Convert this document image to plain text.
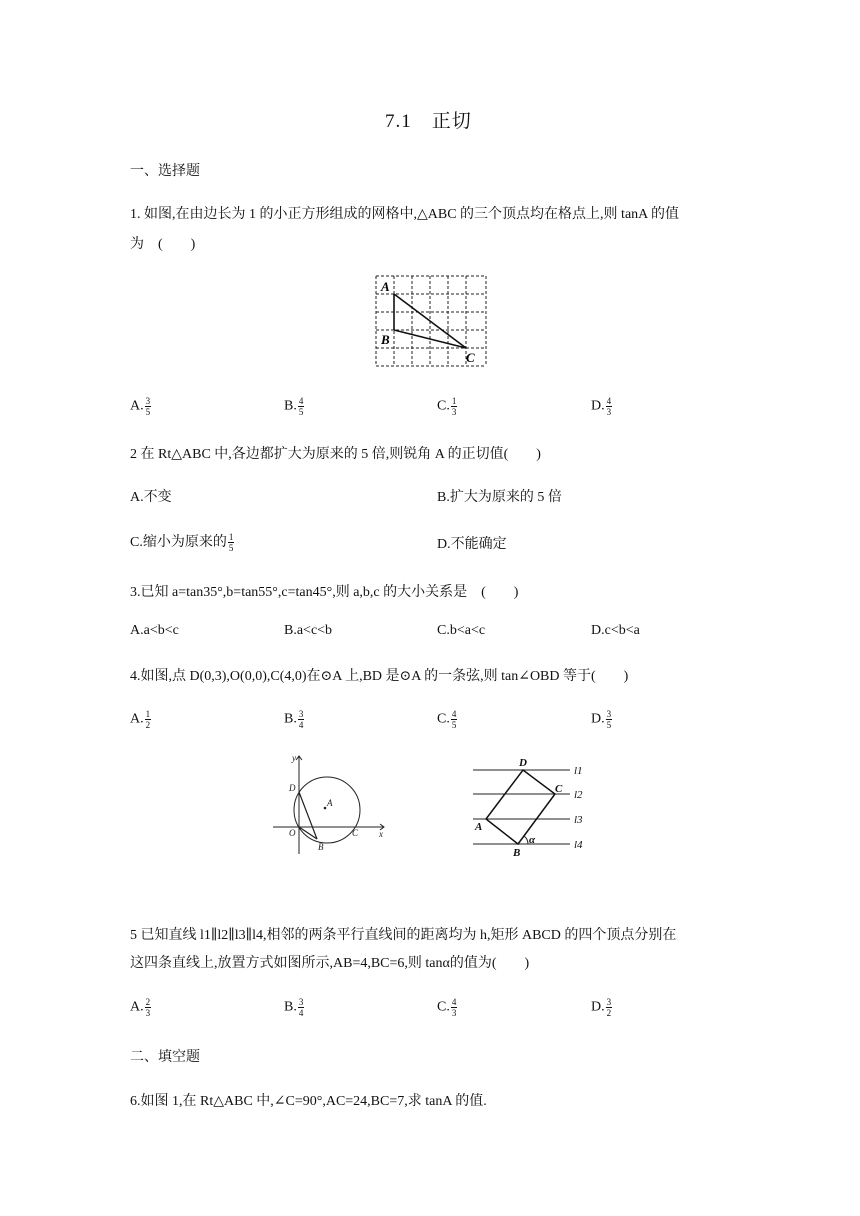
7.1　正切
一、选择题
1. 如图,在由边长为 1 的小正方形组成的网格中,△ABC 的三个顶点均在格点上,则 tanA 的值
为　(　　)
A
B
C
A. $\frac{3}{5}$	B. $\frac{4}{5}$	C. $\frac{1}{3}$	D. $\frac{4}{3}$
2 在 Rt△ABC 中,各边都扩大为原来的 5 倍,则锐角 A 的正切值(　　)
A.不变	B.扩大为原来的 5 倍
C.缩小为原来的 $\frac{1}{5}$	D.不能确定
3.已知 a=tan35°,b=tan55°,c=tan45°,则 a,b,c 的大小关系是　(　　)
A.a<b<c	B.a<c<b	C.b<a<c	D.c<b<a
4.如图,点 D(0,3),O(0,0),C(4,0)在⊙A 上,BD 是⊙A 的一条弦,则 tan∠OBD 等于(　　)
A. $\frac{1}{2}$	B. $\frac{3}{4}$	C. $\frac{4}{5}$	D. $\frac{3}{5}$
y
x
D
A
O
B
C
D
C
A
B
α
l1
l2
l3
l4
5 已知直线 l1∥l2∥l3∥l4,相邻的两条平行直线间的距离均为 h,矩形 ABCD 的四个顶点分别在
这四条直线上,放置方式如图所示,AB=4,BC=6,则 tanα的值为(　　)
A. $\frac{2}{3}$	B. $\frac{3}{4}$	C. $\frac{4}{3}$	D. $\frac{3}{2}$
二、填空题
6.如图 1,在 Rt△ABC 中,∠C=90°,AC=24,BC=7,求 tanA 的值.
